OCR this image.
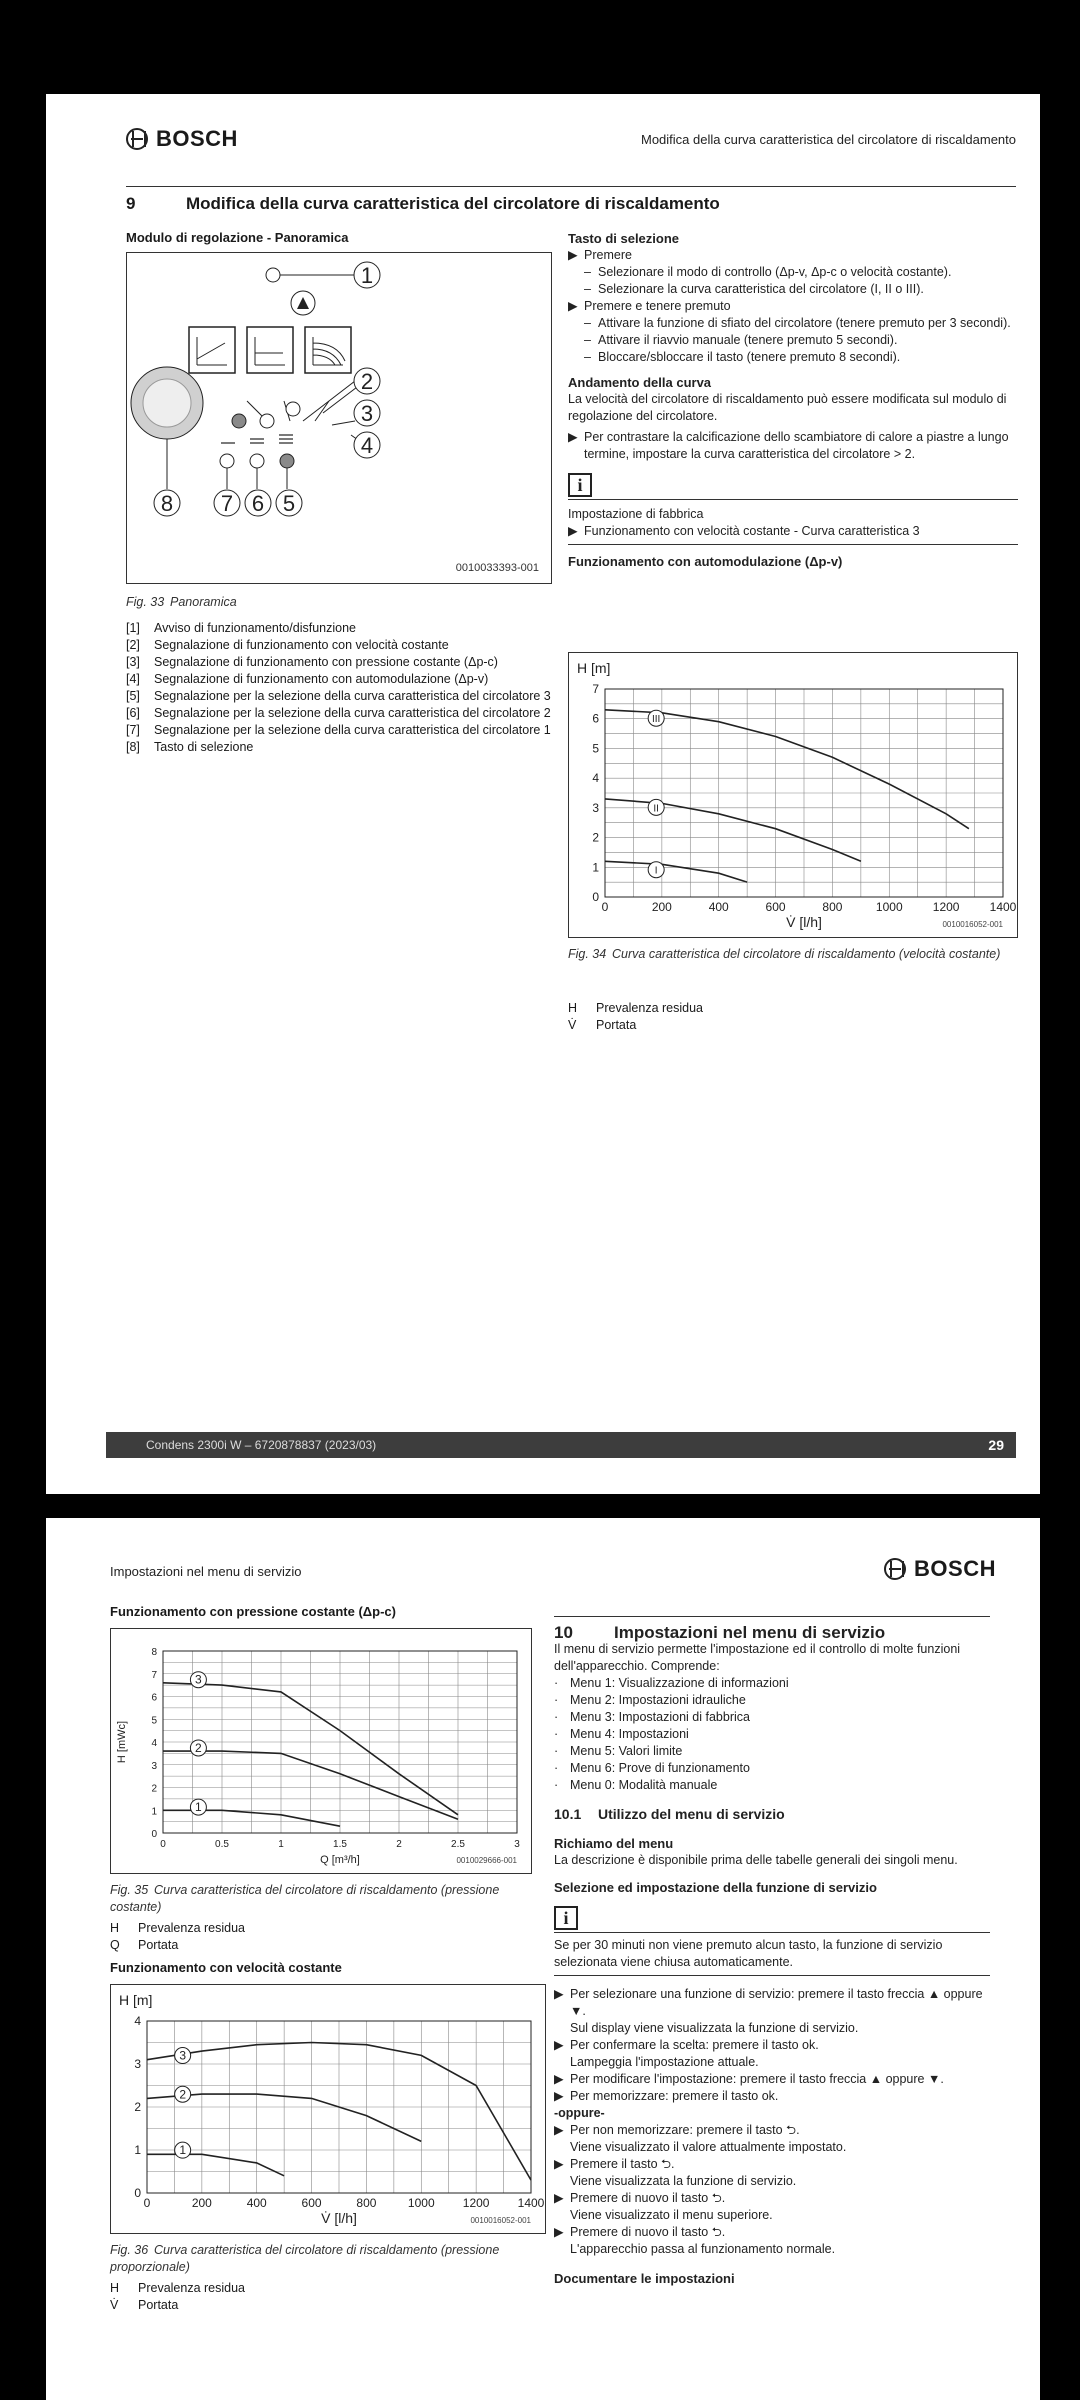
BOSCH	Modifica della curva caratteristica del circolatore di riscaldamento
9	Modifica della curva caratteristica del circolatore di riscaldamento
Modulo di regolazione - Panoramica
1
2
3
4
5
6
7
8
0010033393-001
Fig. 33 Panoramica
[1]	Avviso di funzionamento/disfunzione
[2]	Segnalazione di funzionamento con velocità costante
[3]	Segnalazione di funzionamento con pressione costante (Δp-c)
[4]	Segnalazione di funzionamento con automodulazione (Δp-v)
[5]	Segnalazione per la selezione della curva caratteristica del circolatore 3
[6]	Segnalazione per la selezione della curva caratteristica del circolatore 2
[7]	Segnalazione per la selezione della curva caratteristica del circolatore 1
[8]	Tasto di selezione
Tasto di selezione
▶ Premere
– Selezionare il modo di controllo (Δp-v, Δp-c o velocità costante).
– Selezionare la curva caratteristica del circolatore (I, II o III).
▶ Premere e tenere premuto
– Attivare la funzione di sfiato del circolatore (tenere premuto per 3 secondi).
– Attivare il riavvio manuale (tenere premuto 5 secondi).
– Bloccare/sbloccare il tasto (tenere premuto 8 secondi).
Andamento della curva
La velocità del circolatore di riscaldamento può essere modificata sul modulo di regolazione del circolatore.
▶ Per contrastare la calcificazione dello scambiatore di calore a piastre a lungo termine, impostare la curva caratteristica del circolatore > 2.
i
Impostazione di fabbrica
▶ Funzionamento con velocità costante - Curva caratteristica 3
Funzionamento con automodulazione (Δp-v)
0	200	400	600	800	1000	1200	1400
0
1
2
3
4
5
6
7
V̇ [l/h]
H [m]
0010016052-001
III
II
I
Fig. 34 Curva caratteristica del circolatore di riscaldamento (velocità costante)
H	Prevalenza residua
V̇	Portata
Condens 2300i W – 6720878837 (2023/03)	29
Impostazioni nel menu di servizio	BOSCH
Funzionamento con pressione costante (Δp-c)
0	0.5	1	1.5	2	2.5	3
0
1
2
3
4
5
6
7
8
Q [m³/h]
H [mWc]
0010029666-001
3
2
1
Fig. 35 Curva caratteristica del circolatore di riscaldamento (pressione costante)
H	Prevalenza residua
Q	Portata
Funzionamento con velocità costante
0	200	400	600	800	1000 1200 1400
0
1
2
3
4
V̇ [l/h]
H [m]
0010016052-001
3
2
1
Fig. 36 Curva caratteristica del circolatore di riscaldamento (pressione proporzionale)
H	Prevalenza residua
V̇	Portata
10 Impostazioni nel menu di servizio
Il menu di servizio permette l'impostazione ed il controllo di molte funzioni dell'apparecchio. Comprende:
· Menu 1: Visualizzazione di informazioni
· Menu 2: Impostazioni idrauliche
· Menu 3: Impostazioni di fabbrica
· Menu 4: Impostazioni
· Menu 5: Valori limite
· Menu 6: Prove di funzionamento
· Menu 0: Modalità manuale
10.1 Utilizzo del menu di servizio
Richiamo del menu
La descrizione è disponibile prima delle tabelle generali dei singoli menu.
Selezione ed impostazione della funzione di servizio
i
Se per 30 minuti non viene premuto alcun tasto, la funzione di servizio selezionata viene chiusa automaticamente.
▶ Per selezionare una funzione di servizio: premere il tasto freccia ▲ oppure ▼.
Sul display viene visualizzata la funzione di servizio.
▶ Per confermare la scelta: premere il tasto ok.
Lampeggia l'impostazione attuale.
▶ Per modificare l'impostazione: premere il tasto freccia ▲ oppure ▼.
▶ Per memorizzare: premere il tasto ok.
-oppure-
▶ Per non memorizzare: premere il tasto ⮌.
Viene visualizzato il valore attualmente impostato.
▶ Premere il tasto ⮌.
Viene visualizzata la funzione di servizio.
▶ Premere di nuovo il tasto ⮌.
Viene visualizzato il menu superiore.
▶ Premere di nuovo il tasto ⮌.
L'apparecchio passa al funzionamento normale.
Documentare le impostazioni
